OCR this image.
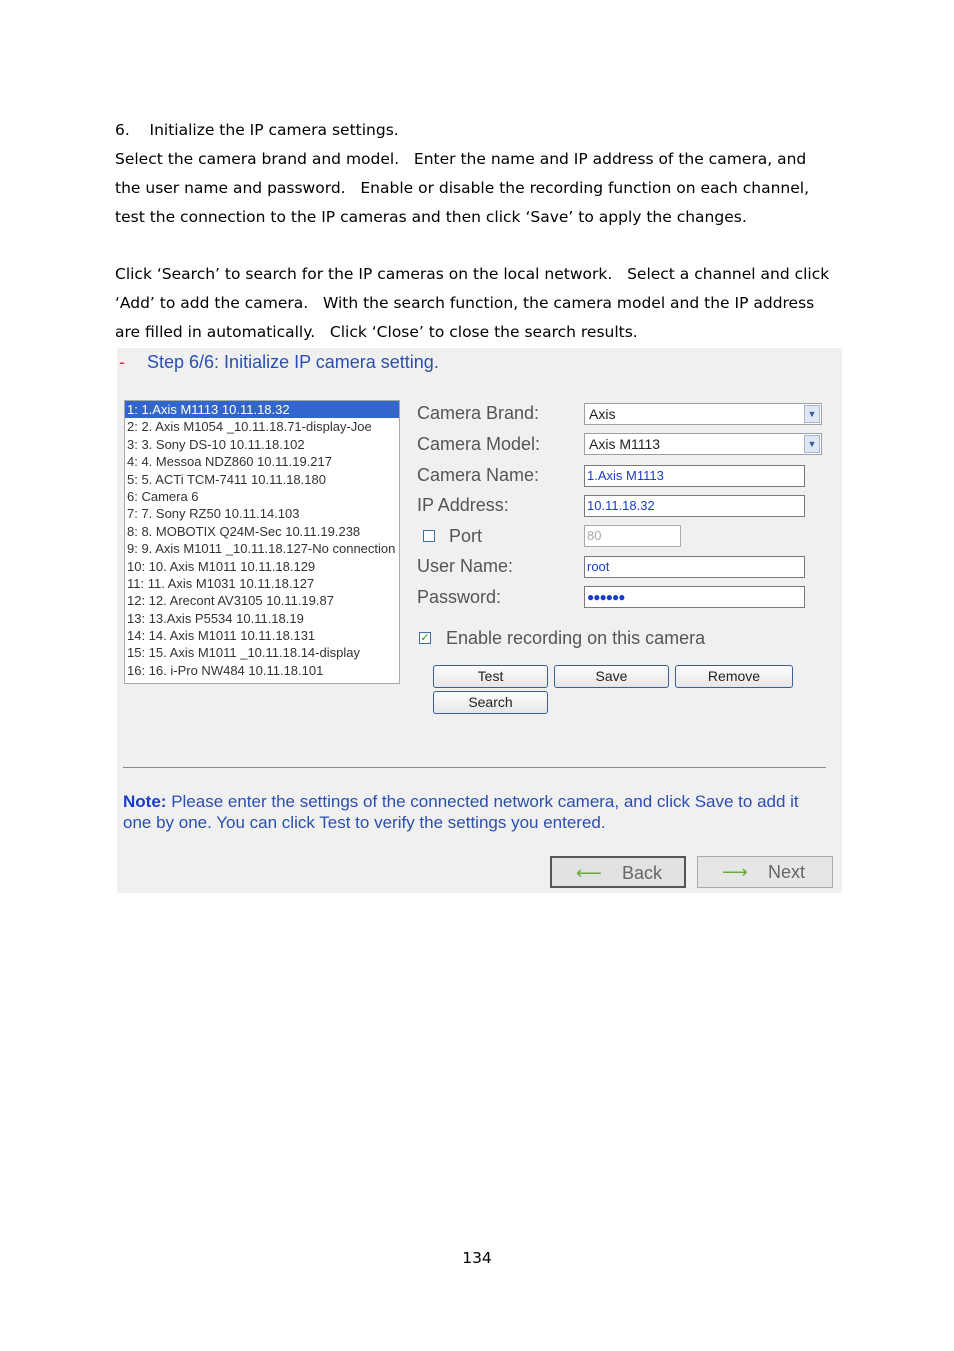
6.    Initialize the IP camera settings.

Select the camera brand and model.   Enter the name and IP address of the camera, and

the user name and password.   Enable or disable the recording function on each channel,

test the connection to the IP cameras and then click ‘Save’ to apply the changes.

Click ‘Search’ to search for the IP cameras on the local network.   Select a channel and click

‘Add’ to add the camera.   With the search function, the camera model and the IP address

are filled in automatically.   Click ‘Close’ to close the search results.

- Step 6/6: Initialize IP camera setting.
1: 1.Axis M1113 10.11.18.32
2: 2. Axis M1054 _10.11.18.71-display-Joe
3: 3. Sony DS-10 10.11.18.102
4: 4. Messoa NDZ860 10.11.19.217
5: 5. ACTi TCM-7411 10.11.18.180
6: Camera 6
7: 7. Sony RZ50 10.11.14.103
8: 8. MOBOTIX Q24M-Sec 10.11.19.238
9: 9. Axis M1011 _10.11.18.127-No connection
10: 10. Axis M1011 10.11.18.129
11: 11. Axis M1031 10.11.18.127
12: 12. Arecont AV3105 10.11.19.87
13: 13.Axis P5534 10.11.18.19
14: 14. Axis M1011 10.11.18.131
15: 15. Axis M1011 _10.11.18.14-display
16: 16. i-Pro NW484 10.11.18.101
Camera Brand:	Axis	▼
Camera Model:	Axis M1113	▼
Camera Name:	1.Axis M1113
IP Address:	10.11.18.32
Port	80
User Name:	root
Password:	●●●●●●
✓ Enable recording on this camera
Test	Save	Remove
Search
Note: Please enter the settings of the connected network camera, and click Save to add it one by one. You can click Test to verify the settings you entered.
⟵ Back	⟶ Next
134
